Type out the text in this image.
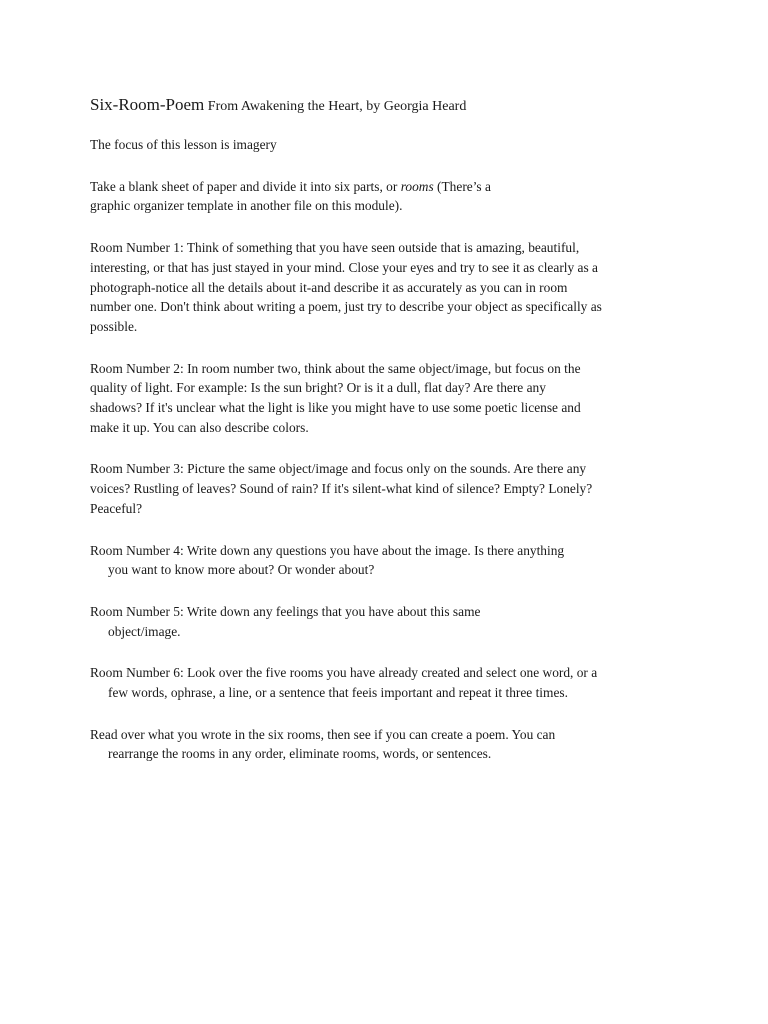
Six-Room-Poem From Awakening the Heart, by Georgia Heard

The focus of this lesson is imagery

Take a blank sheet of paper and divide it into six parts, or rooms (There’s a
graphic organizer template in another file on this module).

Room Number 1: Think of something that you have seen outside that is amazing, beautiful,
interesting, or that has just stayed in your mind. Close your eyes and try to see it as clearly as a
photograph-notice all the details about it-and describe it as accurately as you can in room
number one. Don't think about writing a poem, just try to describe your object as specifically as
possible.

Room Number 2: In room number two, think about the same object/image, but focus on the
quality of light. For example: Is the sun bright? Or is it a dull, flat day? Are there any
shadows? If it's unclear what the light is like you might have to use some poetic license and
make it up. You can also describe colors.

Room Number 3: Picture the same object/image and focus only on the sounds. Are there any
voices? Rustling of leaves? Sound of rain? If it's silent-what kind of silence? Empty? Lonely?
Peaceful?

Room Number 4: Write down any questions you have about the image. Is there anything
you want to know more about? Or wonder about?

Room Number 5: Write down any feelings that you have about this same
object/image.

Room Number 6: Look over the five rooms you have already created and select one word, or a
few words, ophrase, a line, or a sentence that feeis important and repeat it three times.

Read over what you wrote in the six rooms, then see if you can create a poem. You can
rearrange the rooms in any order, eliminate rooms, words, or sentences.
